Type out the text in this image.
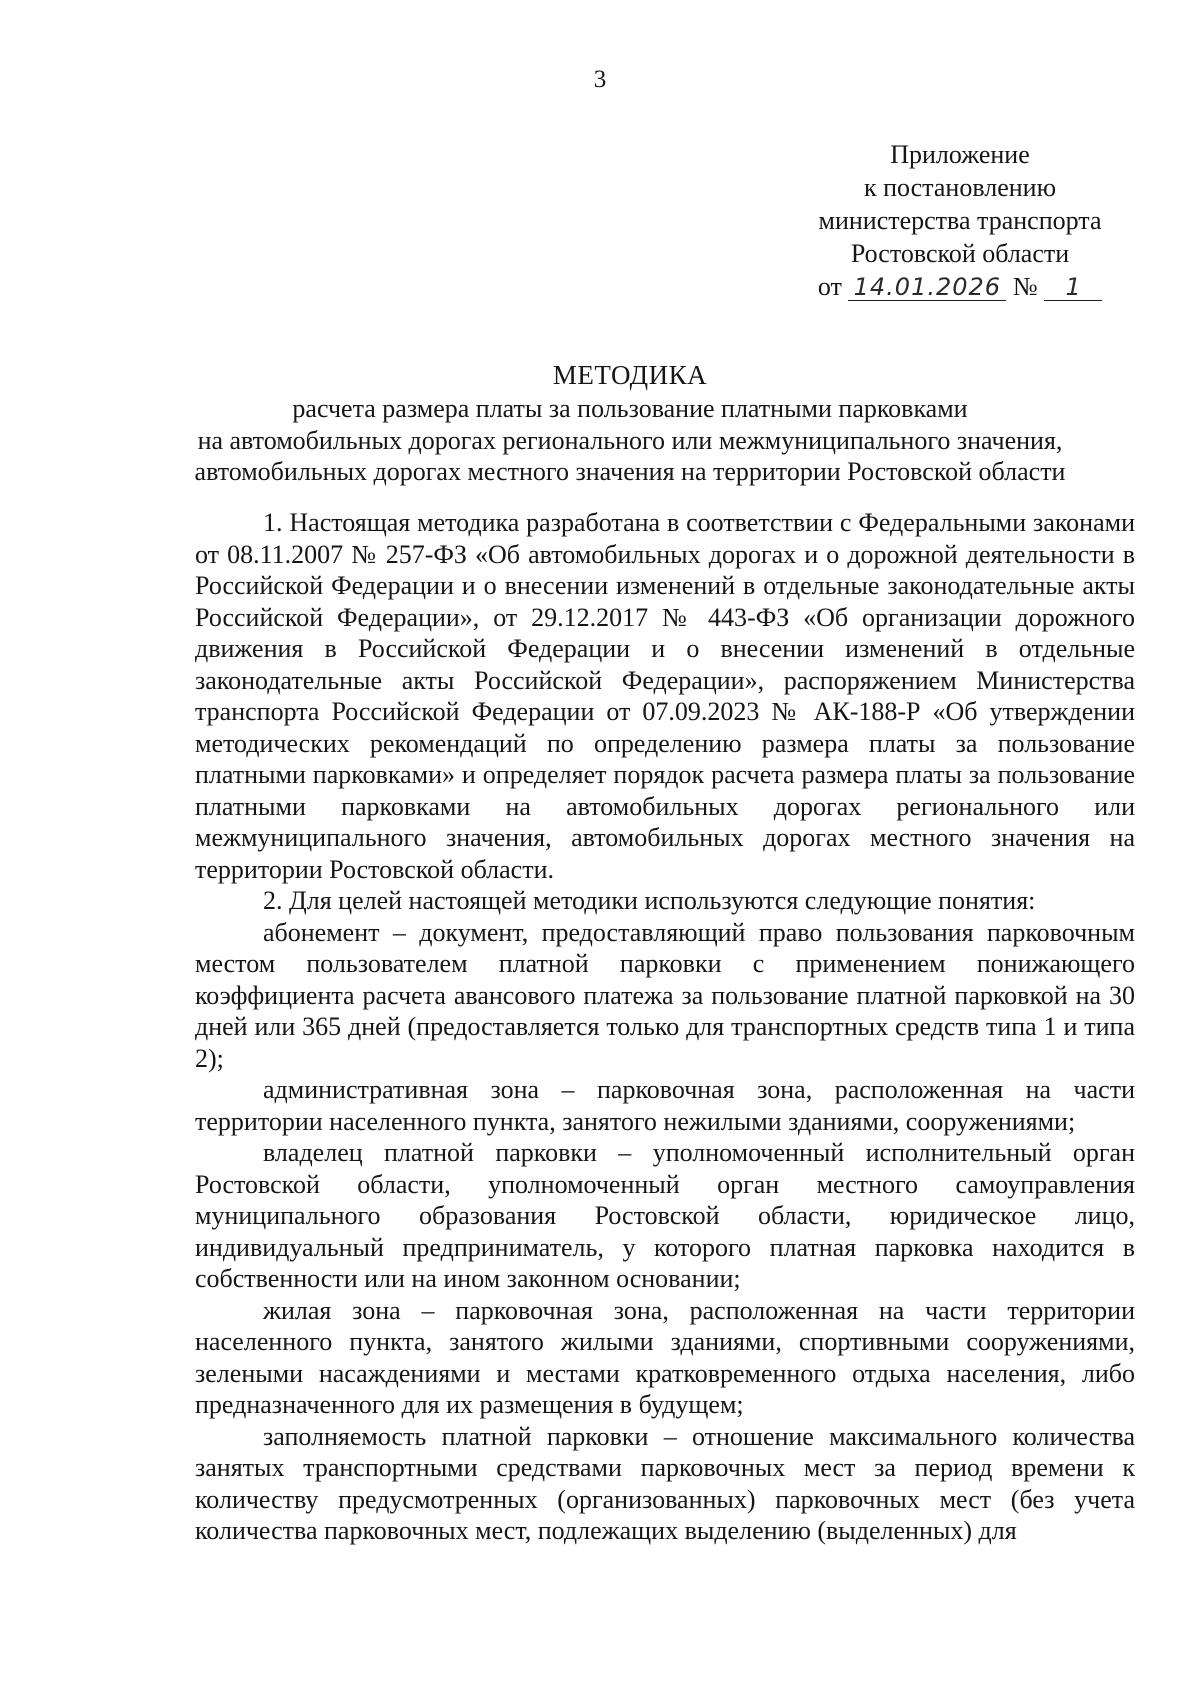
3
Приложение
к постановлению
министерства транспорта
Ростовской области
от 14.01.2026 № 1
МЕТОДИКА

расчета размера платы за пользование платными парковками
на автомобильных дорогах регионального или межмуниципального значения,
автомобильных дорогах местного значения на территории Ростовской области

1. Настоящая методика разработана в соответствии с Федеральными законами от 08.11.2007 № 257-ФЗ «Об автомобильных дорогах и о дорожной деятельности в Российской Федерации и о внесении изменений в отдельные законодательные акты Российской Федерации», от 29.12.2017 № 443-ФЗ «Об организации дорожного движения в Российской Федерации и о внесении изменений в отдельные законодательные акты Российской Федерации», распоряжением Министерства транспорта Российской Федерации от 07.09.2023 № АК-188-Р «Об утверждении методических рекомендаций по определению размера платы за пользование платными парковками» и определяет порядок расчета размера платы за пользование платными парковками на автомобильных дорогах регионального или межмуниципального значения, автомобильных дорогах местного значения на территории Ростовской области.

2. Для целей настоящей методики используются следующие понятия:

абонемент – документ, предоставляющий право пользования парковочным местом пользователем платной парковки с применением понижающего коэффициента расчета авансового платежа за пользование платной парковкой на 30 дней или 365 дней (предоставляется только для транспортных средств типа 1 и типа 2);

административная зона – парковочная зона, расположенная на части территории населенного пункта, занятого нежилыми зданиями, сооружениями;

владелец платной парковки – уполномоченный исполнительный орган Ростовской области, уполномоченный орган местного самоуправления муниципального образования Ростовской области, юридическое лицо, индивидуальный предприниматель, у которого платная парковка находится в собственности или на ином законном основании;

жилая зона – парковочная зона, расположенная на части территории населенного пункта, занятого жилыми зданиями, спортивными сооружениями, зелеными насаждениями и местами кратковременного отдыха населения, либо предназначенного для их размещения в будущем;

заполняемость платной парковки – отношение максимального количества занятых транспортными средствами парковочных мест за период времени к количеству предусмотренных (организованных) парковочных мест (без учета количества парковочных мест, подлежащих выделению (выделенных) для
